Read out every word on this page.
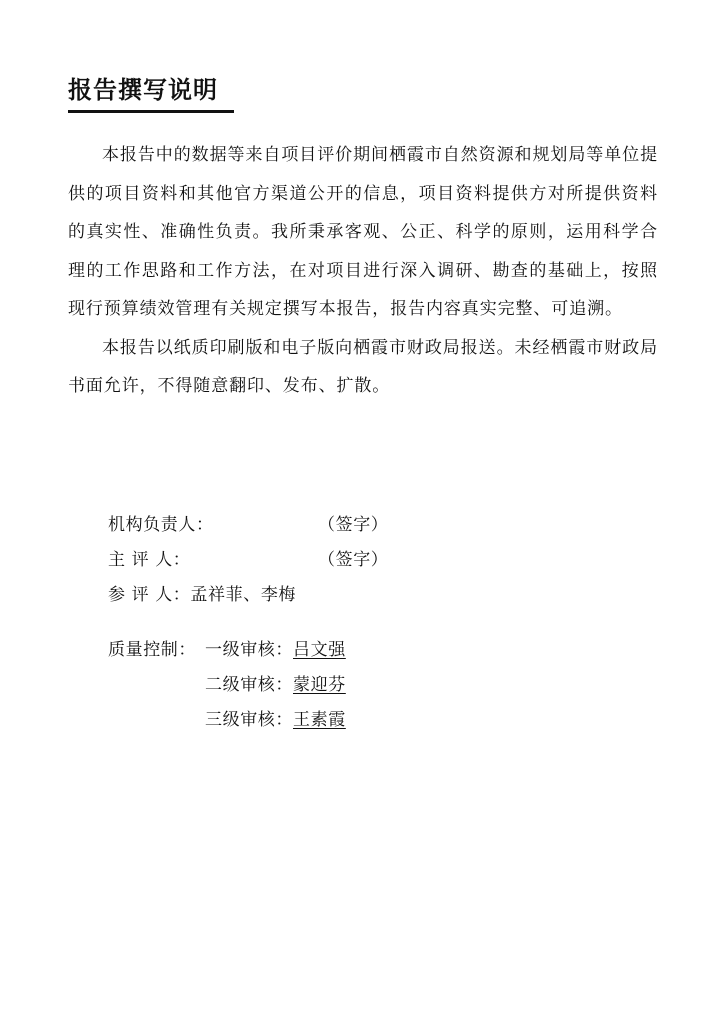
报告撰写说明

本报告中的数据等来自项目评价期间栖霞市自然资源和规划局等单位提供的项目资料和其他官方渠道公开的信息，项目资料提供方对所提供资料的真实性、准确性负责。我所秉承客观、公正、科学的原则，运用科学合理的工作思路和工作方法，在对项目进行深入调研、勘查的基础上，按照现行预算绩效管理有关规定撰写本报告，报告内容真实完整、可追溯。

本报告以纸质印刷版和电子版向栖霞市财政局报送。未经栖霞市财政局书面允许，不得随意翻印、发布、扩散。

机构负责人：	（签字）
主 评 人：	（签字）
参 评 人：孟祥菲、李梅
质量控制： 一级审核：吕文强
二级审核：蒙迎芬
三级审核：王素霞
